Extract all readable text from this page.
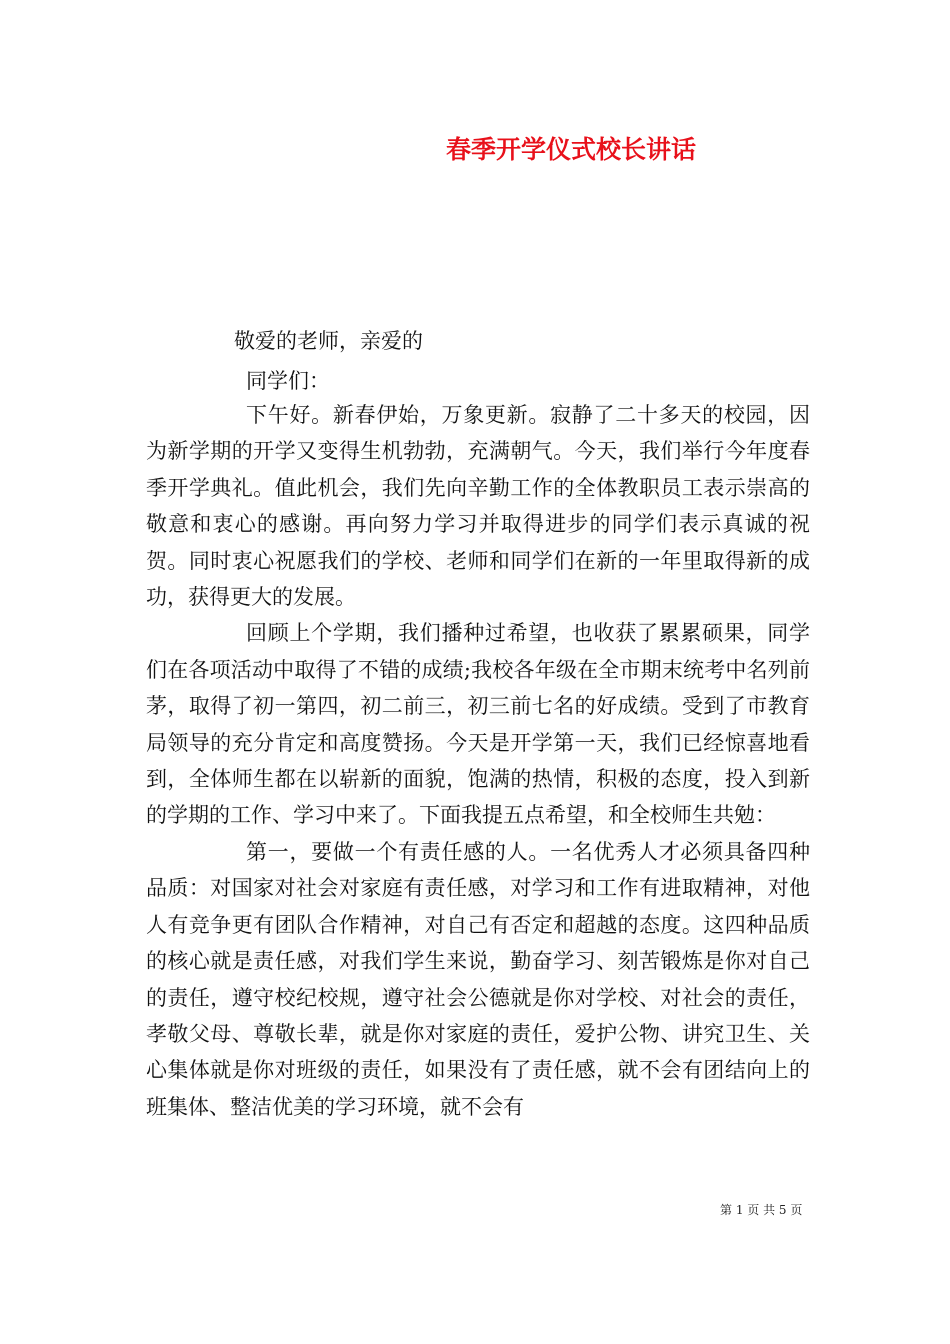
春季开学仪式校长讲话
敬爱的老师，亲爱的
同学们：

下午好。新春伊始，万象更新。寂静了二十多天的校园，因为新学期的开学又变得生机勃勃，充满朝气。今天，我们举行今年度春季开学典礼。值此机会，我们先向辛勤工作的全体教职员工表示崇高的敬意和衷心的感谢。再向努力学习并取得进步的同学们表示真诚的祝贺。同时衷心祝愿我们的学校、老师和同学们在新的一年里取得新的成功，获得更大的发展。

回顾上个学期，我们播种过希望，也收获了累累硕果，同学们在各项活动中取得了不错的成绩;我校各年级在全市期末统考中名列前茅，取得了初一第四，初二前三，初三前七名的好成绩。受到了市教育局领导的充分肯定和高度赞扬。今天是开学第一天，我们已经惊喜地看到，全体师生都在以崭新的面貌，饱满的热情，积极的态度，投入到新的学期的工作、学习中来了。下面我提五点希望，和全校师生共勉：

第一，要做一个有责任感的人。一名优秀人才必须具备四种品质：对国家对社会对家庭有责任感，对学习和工作有进取精神，对他人有竞争更有团队合作精神，对自己有否定和超越的态度。这四种品质的核心就是责任感，对我们学生来说，勤奋学习、刻苦锻炼是你对自己的责任，遵守校纪校规，遵守社会公德就是你对学校、对社会的责任，孝敬父母、尊敬长辈，就是你对家庭的责任，爱护公物、讲究卫生、关心集体就是你对班级的责任，如果没有了责任感，就不会有团结向上的班集体、整洁优美的学习环境，就不会有

第 1 页 共 5 页
